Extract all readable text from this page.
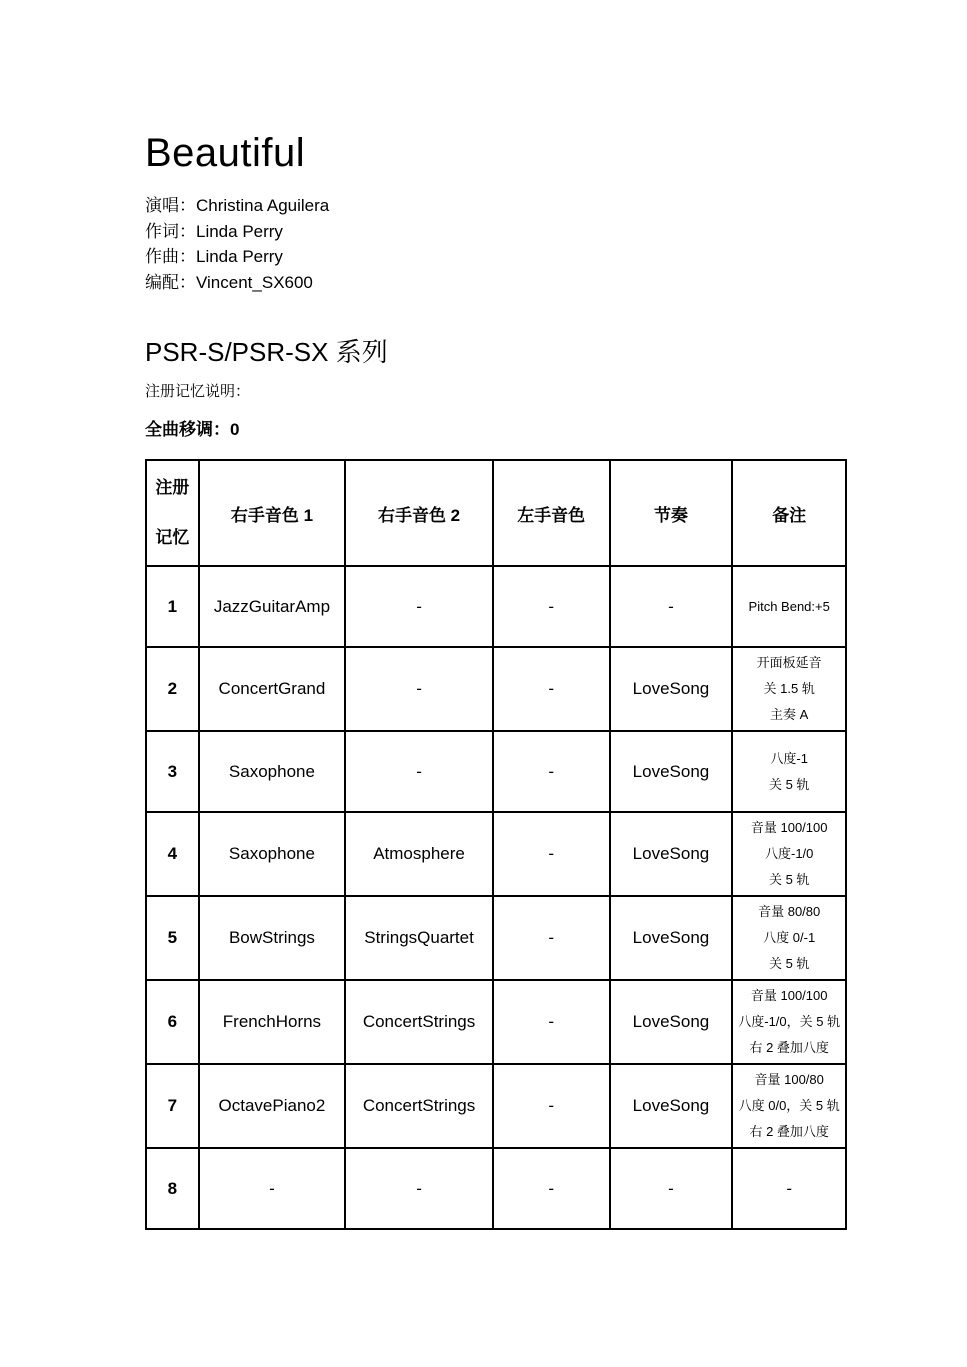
Beautiful
演唱：Christina Aguilera
作词：Linda Perry
作曲：Linda Perry
编配：Vincent_SX600
PSR-S/PSR-SX 系列
注册记忆说明：
全曲移调：0
注册
记忆	右手音色 1	右手音色 2	左手音色	节奏	备注
1	JazzGuitarAmp	-	-	-	Pitch Bend:+5

2	ConcertGrand	-	-	LoveSong	开面板延音
关 1.5 轨
主奏 A

3	Saxophone	-	-	LoveSong	八度-1
关 5 轨

4	Saxophone	Atmosphere	-	LoveSong	音量 100/100
八度-1/0
关 5 轨

5	BowStrings	StringsQuartet	-	LoveSong	音量 80/80
八度 0/-1
关 5 轨

6	FrenchHorns	ConcertStrings	-	LoveSong	音量 100/100
八度-1/0，关 5 轨
右 2 叠加八度

7	OctavePiano2	ConcertStrings	-	LoveSong	音量 100/80
八度 0/0，关 5 轨
右 2 叠加八度

8	-	-	-	-	-
